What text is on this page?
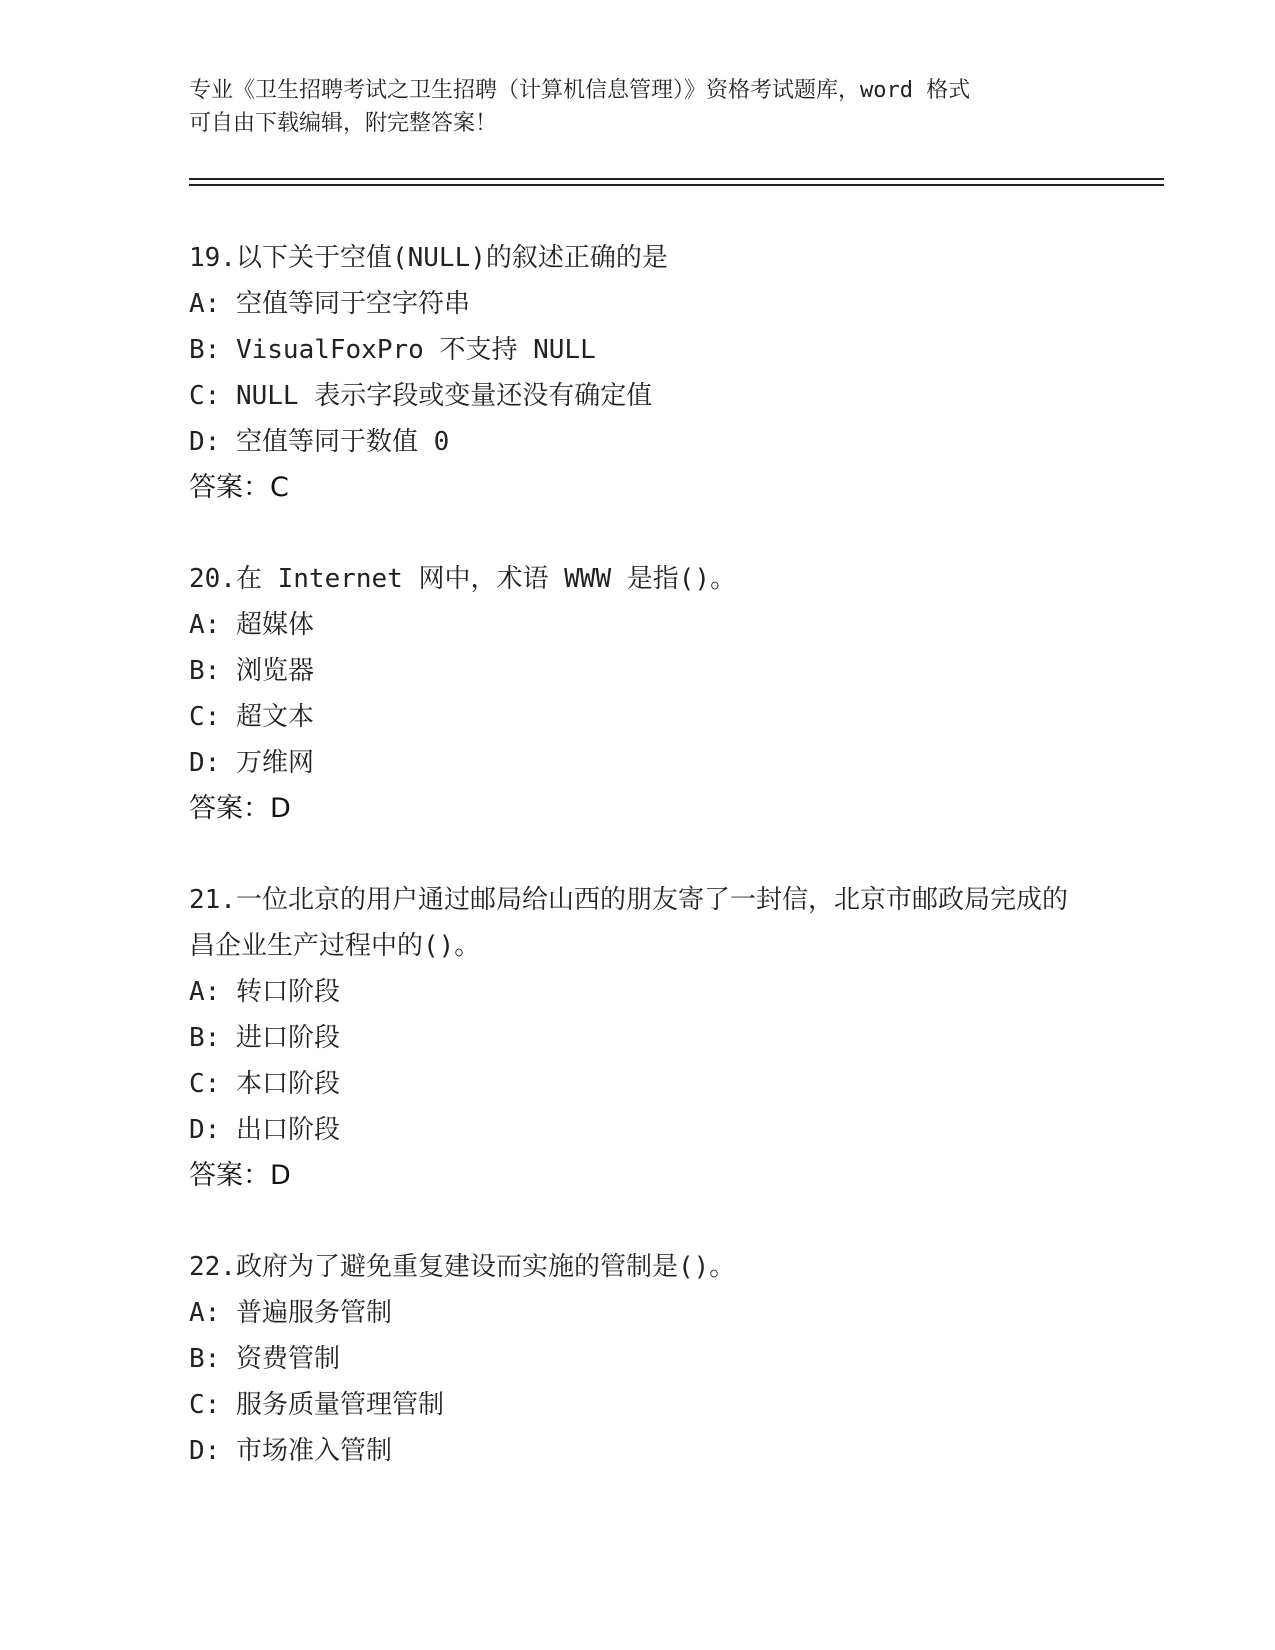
专业《卫生招聘考试之卫生招聘（计算机信息管理）》资格考试题库，word 格式
可自由下载编辑，附完整答案！

19.以下关于空值(NULL)的叙述正确的是

A: 空值等同于空字符串
B: VisualFoxPro 不支持 NULL
C: NULL 表示字段或变量还没有确定值
D: 空值等同于数值 0
答案：C

20.在 Internet 网中，术语 WWW 是指()。

A: 超媒体
B: 浏览器
C: 超文本
D: 万维网
答案：D

21.一位北京的用户通过邮局给山西的朋友寄了一封信，北京市邮政局完成的昌企业生产过程中的()。

A: 转口阶段
B: 进口阶段
C: 本口阶段
D: 出口阶段
答案：D

22.政府为了避免重复建设而实施的管制是()。

A: 普遍服务管制
B: 资费管制
C: 服务质量管理管制
D: 市场准入管制
